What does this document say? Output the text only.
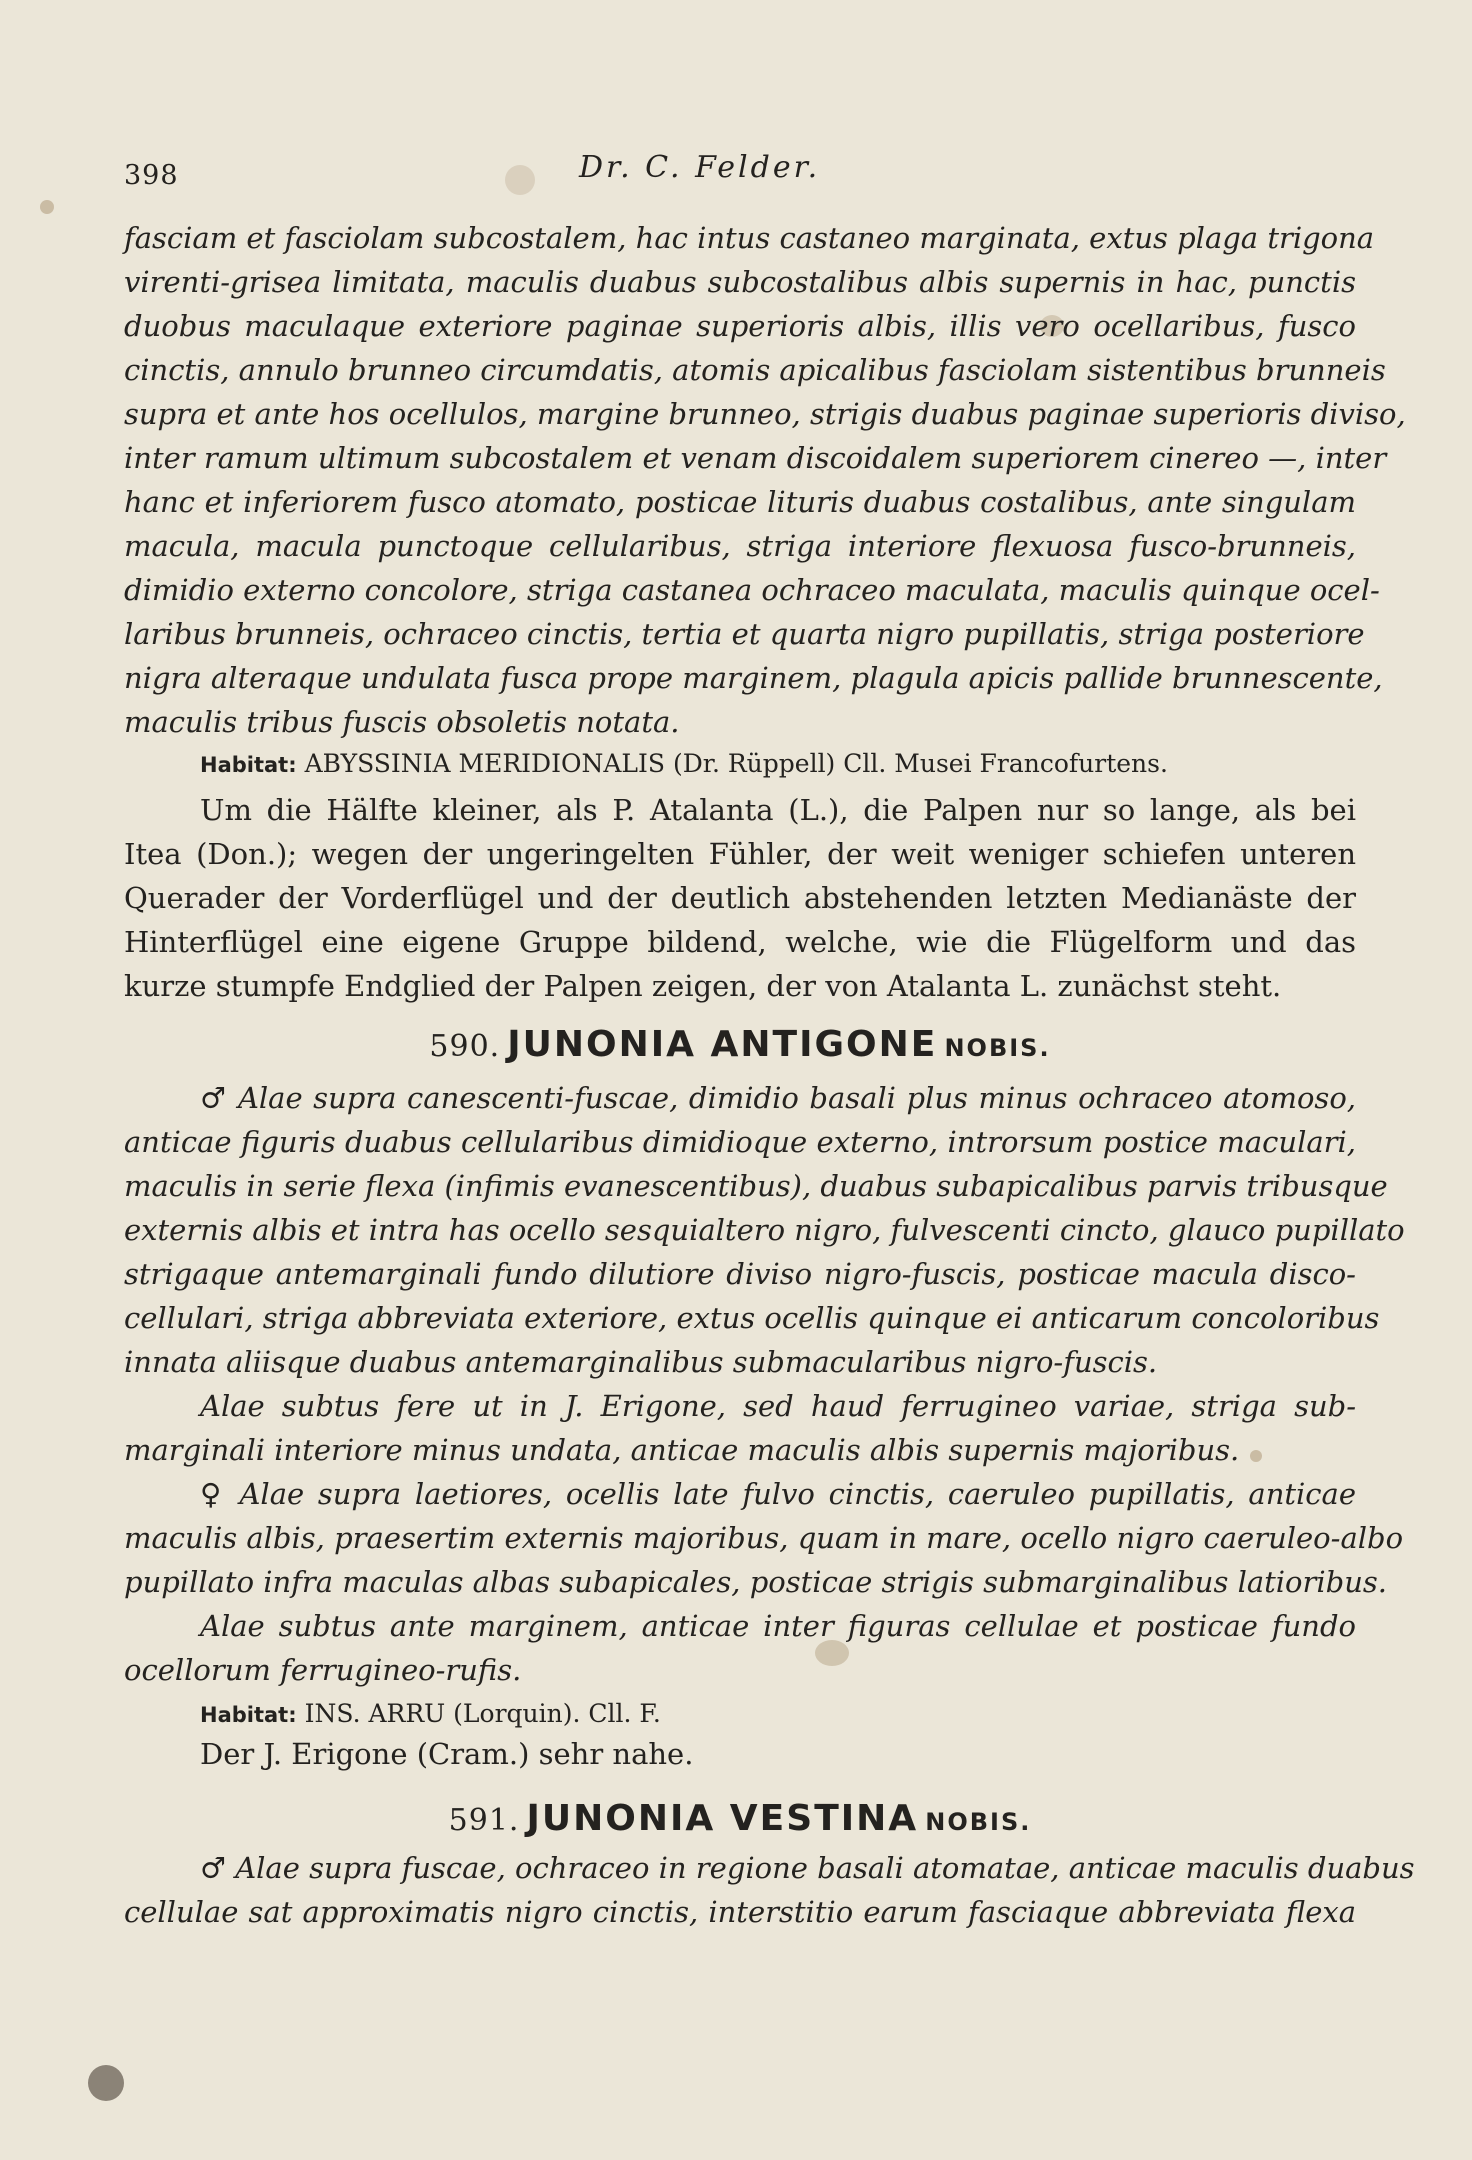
398	Dr. C. Felder.
fasciam et fasciolam subcostalem, hac intus castaneo marginata, extus plaga trigona
virenti-grisea limitata, maculis duabus subcostalibus albis supernis in hac, punctis
duobus maculaque exteriore paginae superioris albis, illis vero ocellaribus, fusco
cinctis, annulo brunneo circumdatis, atomis apicalibus fasciolam sistentibus brunneis
supra et ante hos ocellulos, margine brunneo, strigis duabus paginae superioris diviso,
inter ramum ultimum subcostalem et venam discoidalem superiorem cinereo —, inter
hanc et inferiorem fusco atomato, posticae lituris duabus costalibus, ante singulam
macula, macula punctoque cellularibus, striga interiore flexuosa fusco-brunneis,
dimidio externo concolore, striga castanea ochraceo maculata, maculis quinque ocel-
laribus brunneis, ochraceo cinctis, tertia et quarta nigro pupillatis, striga posteriore
nigra alteraque undulata fusca prope marginem, plagula apicis pallide brunnescente,
maculis tribus fuscis obsoletis notata.
Habitat: ABYSSINIA MERIDIONALIS (Dr. Rüppell) Cll. Musei Francofurtens.
Um die Hälfte kleiner, als P. Atalanta (L.), die Palpen nur so lange, als bei
Itea (Don.); wegen der ungeringelten Fühler, der weit weniger schiefen unteren
Querader der Vorderflügel und der deutlich abstehenden letzten Medianäste der
Hinterflügel eine eigene Gruppe bildend, welche, wie die Flügelform und das
kurze stumpfe Endglied der Palpen zeigen, der von Atalanta L. zunächst steht.
590. JUNONIA ANTIGONE NOBIS.
♂ Alae supra canescenti-fuscae, dimidio basali plus minus ochraceo atomoso,
anticae figuris duabus cellularibus dimidioque externo, introrsum postice maculari,
maculis in serie flexa (infimis evanescentibus), duabus subapicalibus parvis tribusque
externis albis et intra has ocello sesquialtero nigro, fulvescenti cincto, glauco pupillato
strigaque antemarginali fundo dilutiore diviso nigro-fuscis, posticae macula disco-
cellulari, striga abbreviata exteriore, extus ocellis quinque ei anticarum concoloribus
innata aliisque duabus antemarginalibus submacularibus nigro-fuscis.
Alae subtus fere ut in J. Erigone, sed haud ferrugineo variae, striga sub-
marginali interiore minus undata, anticae maculis albis supernis majoribus.
♀ Alae supra laetiores, ocellis late fulvo cinctis, caeruleo pupillatis, anticae
maculis albis, praesertim externis majoribus, quam in mare, ocello nigro caeruleo-albo
pupillato infra maculas albas subapicales, posticae strigis submarginalibus latioribus.
Alae subtus ante marginem, anticae inter figuras cellulae et posticae fundo
ocellorum ferrugineo-rufis.
Habitat: INS. ARRU (Lorquin). Cll. F.
Der J. Erigone (Cram.) sehr nahe.
591. JUNONIA VESTINA NOBIS.
♂ Alae supra fuscae, ochraceo in regione basali atomatae, anticae maculis duabus
cellulae sat approximatis nigro cinctis, interstitio earum fasciaque abbreviata flexa
